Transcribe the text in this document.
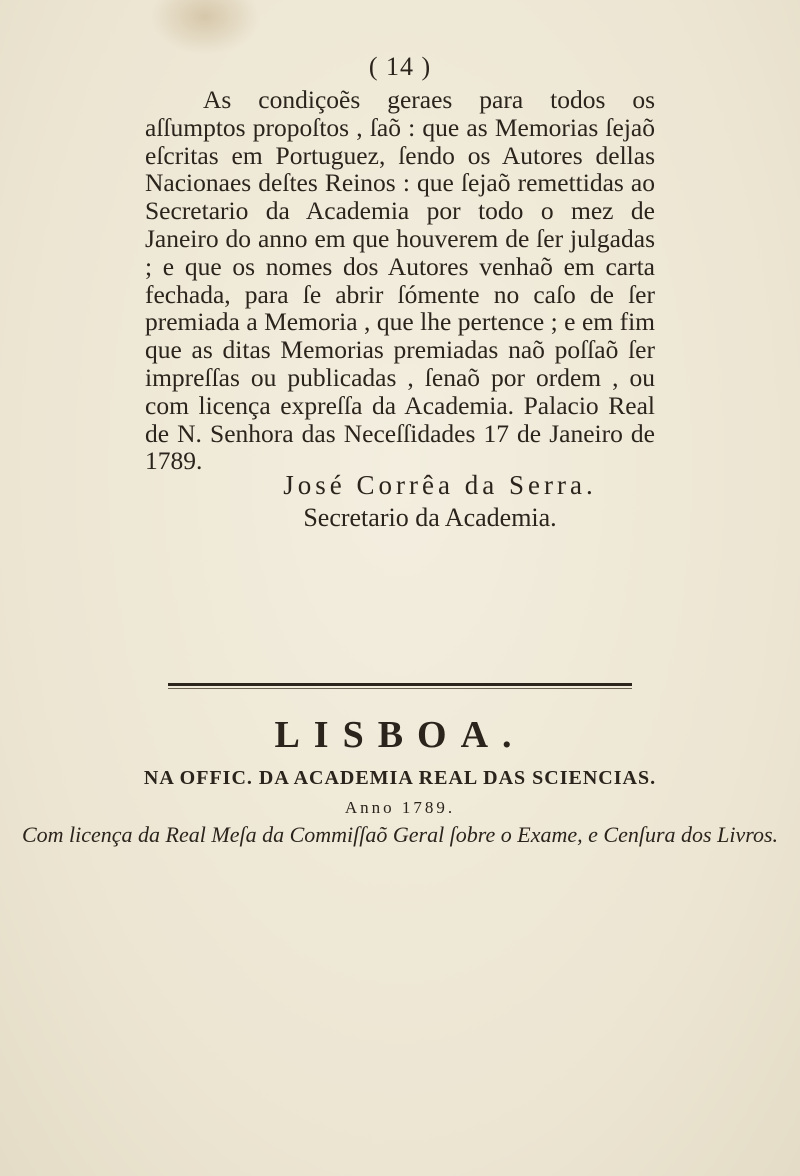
( 14 )

As condiçoẽs geraes para todos os aſſumptos propoſtos , ſaõ : que as Memorias ſejaõ eſcritas em Portuguez, ſendo os Autores dellas Nacionaes deſtes Reinos : que ſejaõ remettidas ao Secretario da Academia por todo o mez de Janeiro do anno em que houverem de ſer julgadas ; e que os nomes dos Autores venhaõ em carta fechada, para ſe abrir ſómente no caſo de ſer premiada a Memoria , que lhe pertence ; e em fim que as ditas Memorias premiadas naõ poſſaõ ſer impreſſas ou publicadas , ſenaõ por ordem , ou com licença expreſſa da Academia. Palacio Real de N. Senhora das Neceſſidades 17 de Janeiro de 1789.

José Corrêa da Serra.
Secretario da Academia.
LISBOA.
NA OFFIC. DA ACADEMIA REAL DAS SCIENCIAS.
Anno 1789.
Com licença da Real Meſa da Commiſſaõ Geral ſobre o Exame, e Cenſura dos Livros.
